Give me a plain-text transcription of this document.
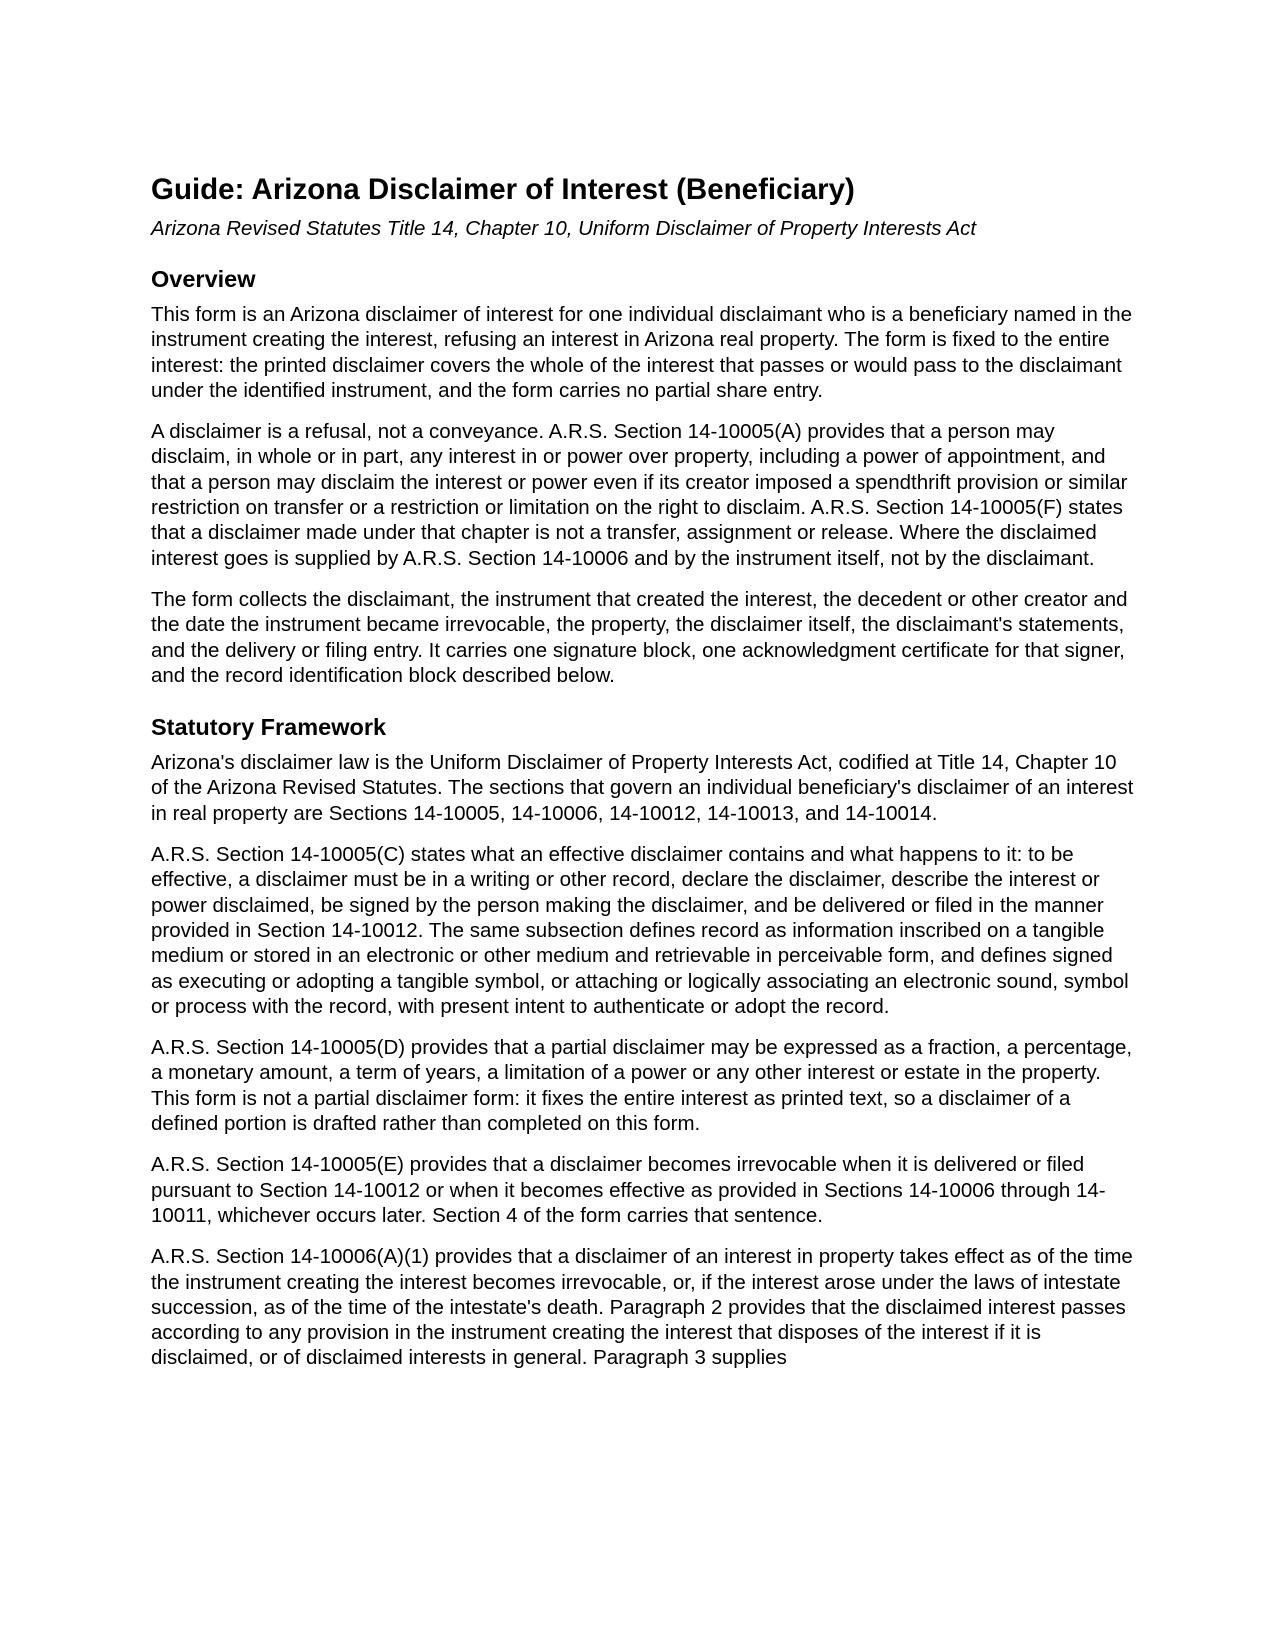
Guide: Arizona Disclaimer of Interest (Beneficiary)

Arizona Revised Statutes Title 14, Chapter 10, Uniform Disclaimer of Property Interests Act

Overview

This form is an Arizona disclaimer of interest for one individual disclaimant who is a beneficiary named in the instrument creating the interest, refusing an interest in Arizona real property. The form is fixed to the entire interest: the printed disclaimer covers the whole of the interest that passes or would pass to the disclaimant under the identified instrument, and the form carries no partial share entry.

A disclaimer is a refusal, not a conveyance. A.R.S. Section 14-10005(A) provides that a person may disclaim, in whole or in part, any interest in or power over property, including a power of appointment, and that a person may disclaim the interest or power even if its creator imposed a spendthrift provision or similar restriction on transfer or a restriction or limitation on the right to disclaim. A.R.S. Section 14-10005(F) states that a disclaimer made under that chapter is not a transfer, assignment or release. Where the disclaimed interest goes is supplied by A.R.S. Section 14-10006 and by the instrument itself, not by the disclaimant.

The form collects the disclaimant, the instrument that created the interest, the decedent or other creator and the date the instrument became irrevocable, the property, the disclaimer itself, the disclaimant's statements, and the delivery or filing entry. It carries one signature block, one acknowledgment certificate for that signer, and the record identification block described below.

Statutory Framework

Arizona's disclaimer law is the Uniform Disclaimer of Property Interests Act, codified at Title 14, Chapter 10 of the Arizona Revised Statutes. The sections that govern an individual beneficiary's disclaimer of an interest in real property are Sections 14-10005, 14-10006, 14-10012, 14-10013, and 14-10014.

A.R.S. Section 14-10005(C) states what an effective disclaimer contains and what happens to it: to be effective, a disclaimer must be in a writing or other record, declare the disclaimer, describe the interest or power disclaimed, be signed by the person making the disclaimer, and be delivered or filed in the manner provided in Section 14-10012. The same subsection defines record as information inscribed on a tangible medium or stored in an electronic or other medium and retrievable in perceivable form, and defines signed as executing or adopting a tangible symbol, or attaching or logically associating an electronic sound, symbol or process with the record, with present intent to authenticate or adopt the record.

A.R.S. Section 14-10005(D) provides that a partial disclaimer may be expressed as a fraction, a percentage, a monetary amount, a term of years, a limitation of a power or any other interest or estate in the property. This form is not a partial disclaimer form: it fixes the entire interest as printed text, so a disclaimer of a defined portion is drafted rather than completed on this form.

A.R.S. Section 14-10005(E) provides that a disclaimer becomes irrevocable when it is delivered or filed pursuant to Section 14-10012 or when it becomes effective as provided in Sections 14-10006 through 14-10011, whichever occurs later. Section 4 of the form carries that sentence.

A.R.S. Section 14-10006(A)(1) provides that a disclaimer of an interest in property takes effect as of the time the instrument creating the interest becomes irrevocable, or, if the interest arose under the laws of intestate succession, as of the time of the intestate's death. Paragraph 2 provides that the disclaimed interest passes according to any provision in the instrument creating the interest that disposes of the interest if it is disclaimed, or of disclaimed interests in general. Paragraph 3 supplies
